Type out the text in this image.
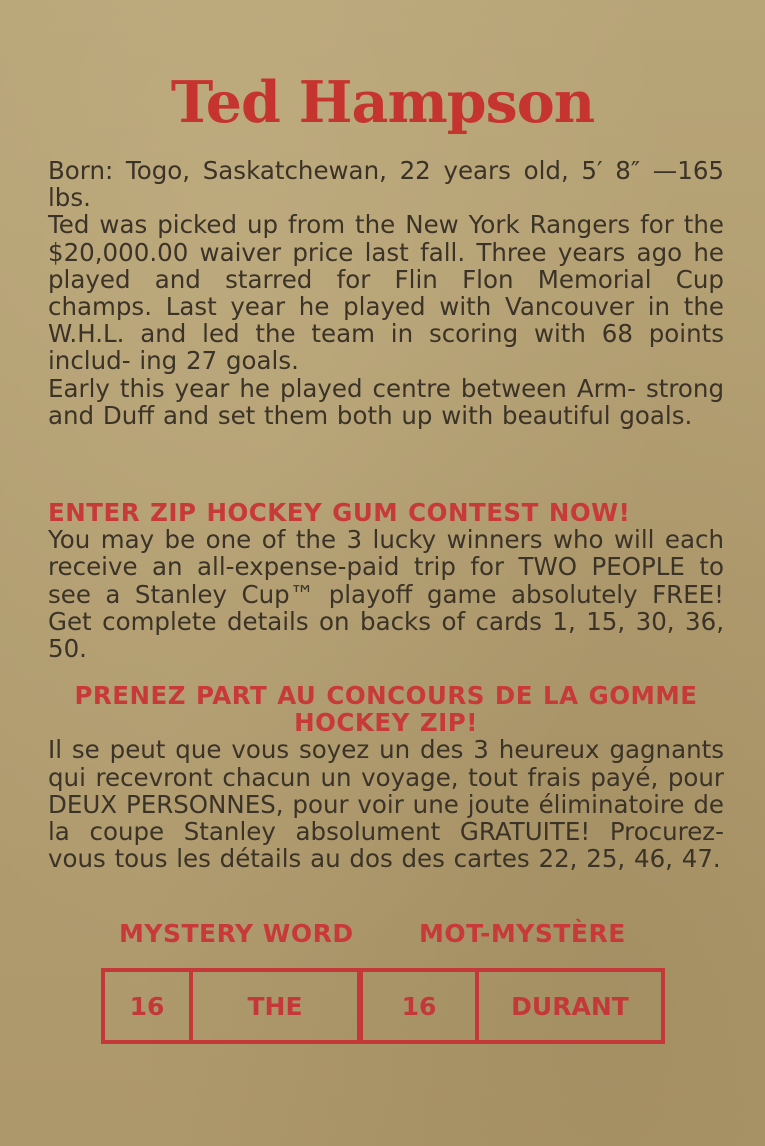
Ted Hampson

Born: Togo, Saskatchewan, 22 years old, 5′ 8″ —165 lbs.

Ted was picked up from the New York Rangers for the $20,000.00 waiver price last fall. Three years ago he played and starred for Flin Flon Memorial Cup champs. Last year he played with Vancouver in the W.H.L. and led the team in scoring with 68 points includ- ing 27 goals.

Early this year he played centre between Arm- strong and Duff and set them both up with beautiful goals.

ENTER ZIP HOCKEY GUM CONTEST NOW!

You may be one of the 3 lucky winners who will each receive an all-expense-paid trip for TWO PEOPLE to see a Stanley Cup™ playoff game absolutely FREE! Get complete details on backs of cards 1, 15, 30, 36, 50.

PRENEZ PART AU CONCOURS DE LA GOMME HOCKEY ZIP!

Il se peut que vous soyez un des 3 heureux gagnants qui recevront chacun un voyage, tout frais payé, pour DEUX PERSONNES, pour voir une joute éliminatoire de la coupe Stanley absolument GRATUITE! Procurez-vous tous les détails au dos des cartes 22, 25, 46, 47.

MYSTERY WORD	MOT-MYSTÈRE
16	THE	16	DURANT
